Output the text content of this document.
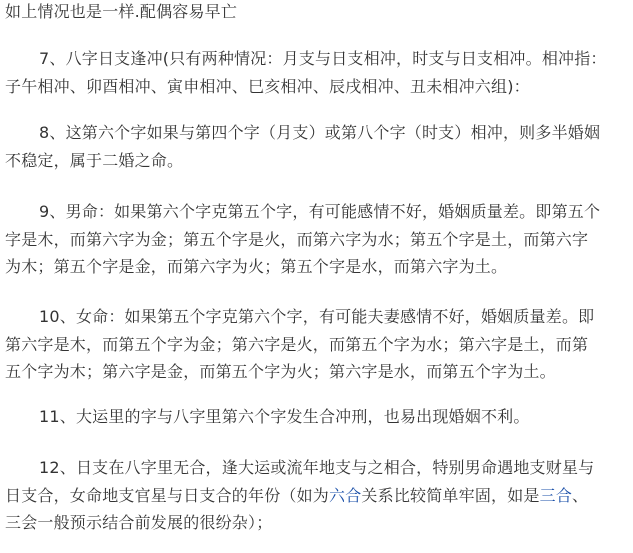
如上情况也是一样.配偶容易早亡
7、八字日支逢冲(只有两种情况：月支与日支相冲，时支与日支相冲。相冲指：
子午相冲、卯酉相冲、寅申相冲、巳亥相冲、辰戌相冲、丑未相冲六组)：
8、这第六个字如果与第四个字（月支）或第八个字（时支）相冲，则多半婚姻
不稳定，属于二婚之命。
9、男命：如果第六个字克第五个字，有可能感情不好，婚姻质量差。即第五个
字是木，而第六字为金；第五个字是火，而第六字为水；第五个字是土，而第六字
为木；第五个字是金，而第六字为火；第五个字是水，而第六字为土。
10、女命：如果第五个字克第六个字，有可能夫妻感情不好，婚姻质量差。即
第六字是木，而第五个字为金；第六字是火，而第五个字为水；第六字是土，而第
五个字为木；第六字是金，而第五个字为火；第六字是水，而第五个字为土。
11、大运里的字与八字里第六个字发生合冲刑，也易出现婚姻不利。
12、日支在八字里无合，逢大运或流年地支与之相合，特别男命遇地支财星与
日支合，女命地支官星与日支合的年份（如为六合关系比较简单牢固，如是三合、
三会一般预示结合前发展的很纷杂）；
